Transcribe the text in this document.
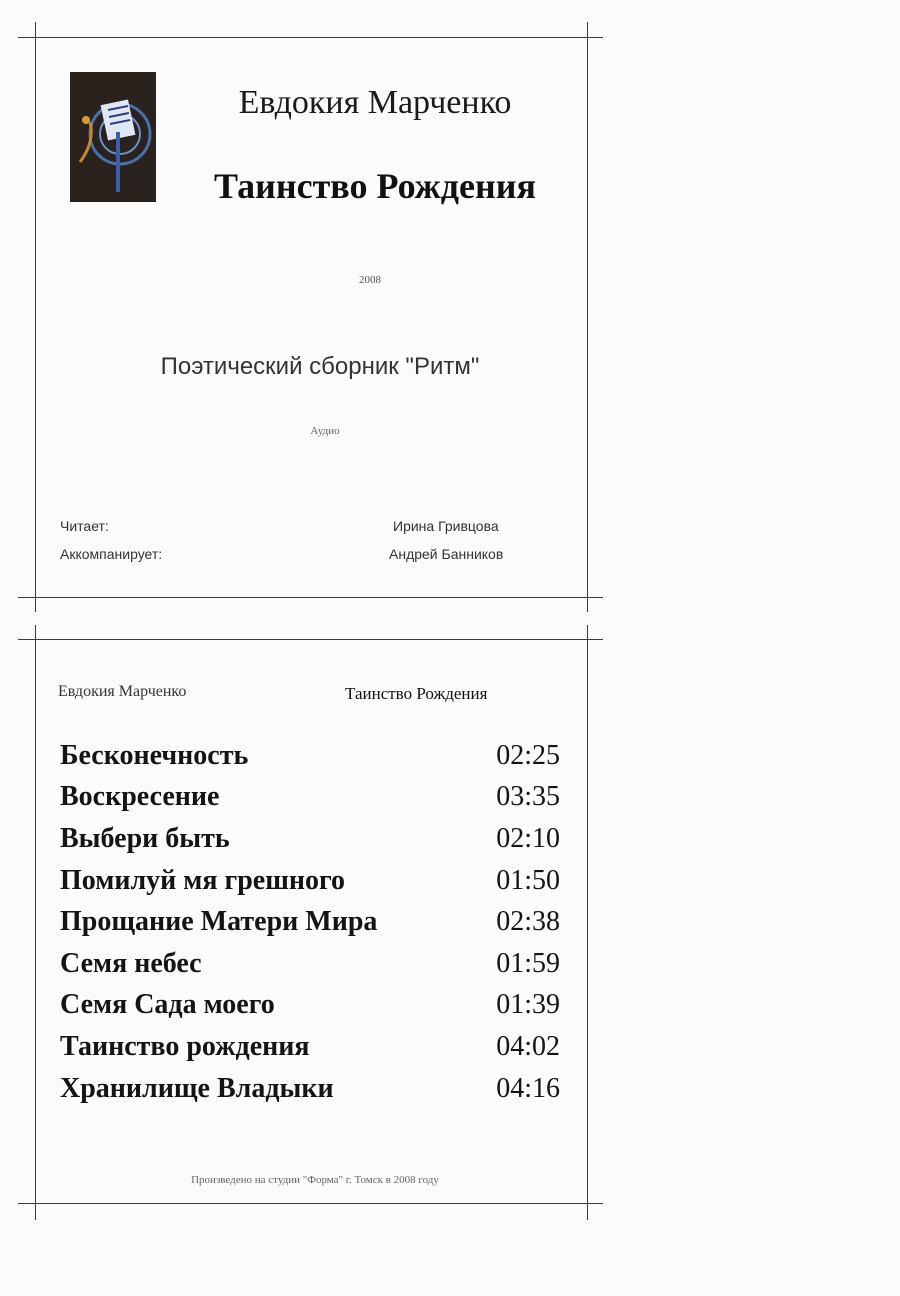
Евдокия Марченко
Таинство Рождения
2008
Поэтический сборник "Ритм"
Аудио
Читает:	Ирина Гривцова
Аккомпанирует:	Андрей Банников
Евдокия Марченко	Таинство Рождения
Бесконечность	02:25
Воскресение	03:35
Выбери быть	02:10
Помилуй мя грешного	01:50
Прощание Матери Мира	02:38
Семя небес	01:59
Семя Сада моего	01:39
Таинство рождения	04:02
Хранилище Владыки	04:16
Произведено на студии "Форма" г. Томск в 2008 году
